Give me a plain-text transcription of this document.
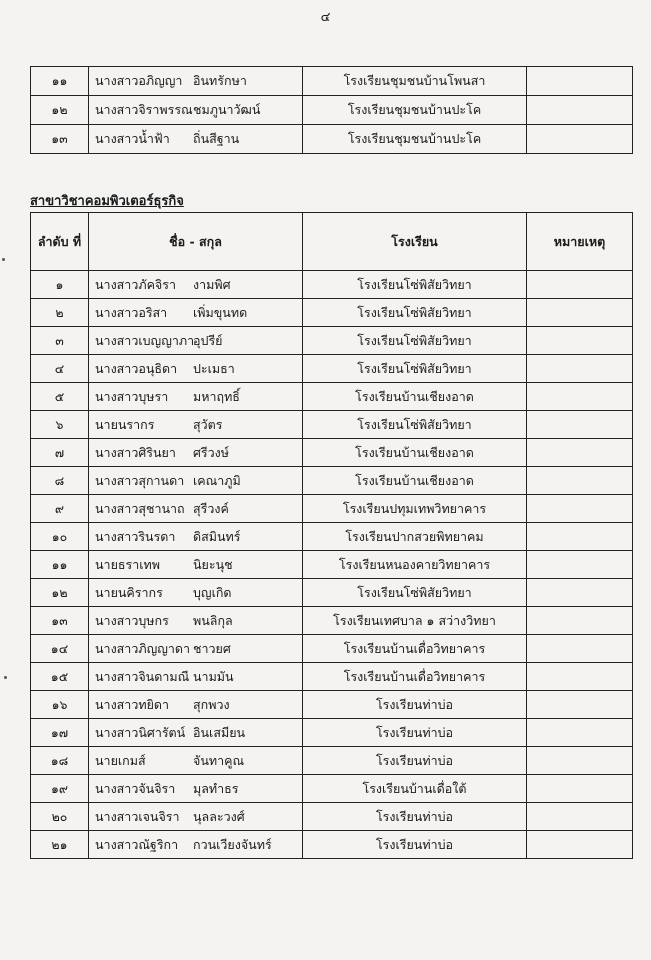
๔
๑๑	นางสาวอภิญญา อินทรักษา	โรงเรียนชุมชนบ้านโพนสา	
๑๒	นางสาวจิราพรรณชมภูนาวัฒน์	โรงเรียนชุมชนบ้านปะโค	
๑๓	นางสาวน้ำฟ้า ถิ่นสีฐาน	โรงเรียนชุมชนบ้านปะโค	
สาขาวิชาคอมพิวเตอร์ธุรกิจ
ลำดับ ที่	ชื่อ - สกุล	โรงเรียน	หมายเหตุ
๑	นางสาวภัคจิรา งามพิศ	โรงเรียนโซ่พิสัยวิทยา	
๒	นางสาวอริสา เพิ่มขุนทด	โรงเรียนโซ่พิสัยวิทยา	
๓	นางสาวเบญญาภาอุปรีย์	โรงเรียนโซ่พิสัยวิทยา	
๔	นางสาวอนุธิดา ปะเมธา	โรงเรียนโซ่พิสัยวิทยา	
๕	นางสาวบุษรา มหาฤทธิ์	โรงเรียนบ้านเชียงอาด	
๖	นายนรากร สุวัตร	โรงเรียนโซ่พิสัยวิทยา	
๗	นางสาวศิรินยา ศรีวงษ์	โรงเรียนบ้านเชียงอาด	
๘	นางสาวสุกานดา เคณาภูมิ	โรงเรียนบ้านเชียงอาด	
๙	นางสาวสุชานาถ สุรีวงค์	โรงเรียนปทุมเทพวิทยาคาร	
๑๐	นางสาวรินรดา ดิสมินทร์	โรงเรียนปากสวยพิทยาคม	
๑๑	นายธราเทพ นิยะนุช	โรงเรียนหนองคายวิทยาคาร	
๑๒	นายนคิรากร บุญเกิด	โรงเรียนโซ่พิสัยวิทยา	
๑๓	นางสาวบุษกร พนลิกุล	โรงเรียนเทศบาล ๑ สว่างวิทยา	
๑๔	นางสาวภิญญาดา ชาวยศ	โรงเรียนบ้านเดื่อวิทยาคาร	
๑๕	นางสาวจินดามณี นามมัน	โรงเรียนบ้านเดื่อวิทยาคาร	
๑๖	นางสาวทยิดา สุกพวง	โรงเรียนท่าบ่อ	
๑๗	นางสาวนิศารัตน์ อินเสมียน	โรงเรียนท่าบ่อ	
๑๘	นายเกมส์ จันทาคูณ	โรงเรียนท่าบ่อ	
๑๙	นางสาวจันจิรา มุลทำธร	โรงเรียนบ้านเดื่อใต้	
๒๐	นางสาวเจนจิรา นุลละวงศ์	โรงเรียนท่าบ่อ	
๒๑	นางสาวณัฐริกา กวนเวียงจันทร์	โรงเรียนท่าบ่อ	
